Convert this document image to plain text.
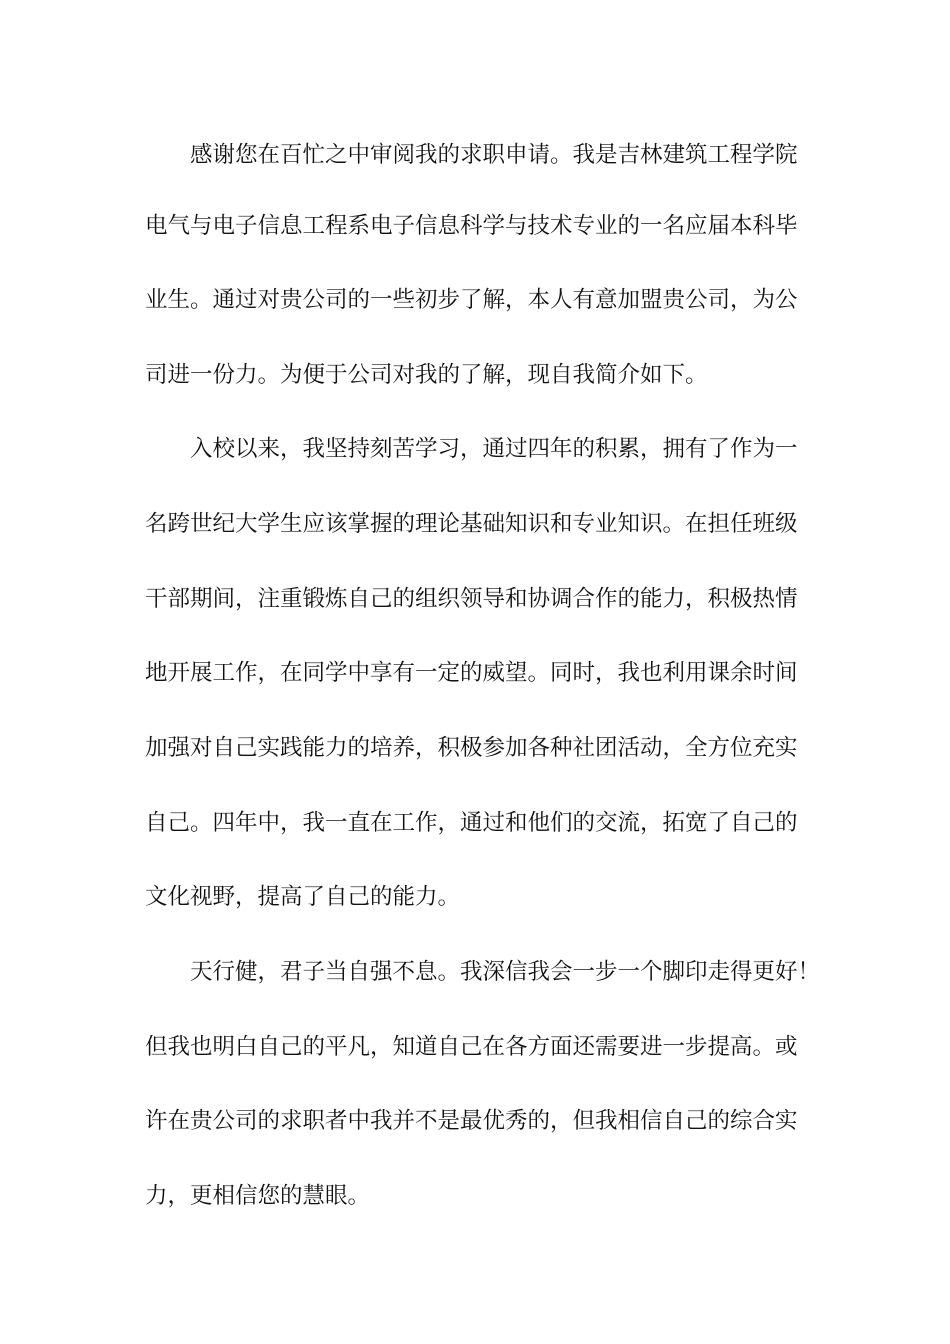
感谢您在百忙之中审阅我的求职申请。我是吉林建筑工程学院
电气与电子信息工程系电子信息科学与技术专业的一名应届本科毕
业生。通过对贵公司的一些初步了解，本人有意加盟贵公司，为公
司进一份力。为便于公司对我的了解，现自我简介如下。
入校以来，我坚持刻苦学习，通过四年的积累，拥有了作为一
名跨世纪大学生应该掌握的理论基础知识和专业知识。在担任班级
干部期间，注重锻炼自己的组织领导和协调合作的能力，积极热情
地开展工作，在同学中享有一定的威望。同时，我也利用课余时间
加强对自己实践能力的培养，积极参加各种社团活动，全方位充实
自己。四年中，我一直在工作，通过和他们的交流，拓宽了自己的
文化视野，提高了自己的能力。
天行健，君子当自强不息。我深信我会一步一个脚印走得更好！
但我也明白自己的平凡，知道自己在各方面还需要进一步提高。或
许在贵公司的求职者中我并不是最优秀的，但我相信自己的综合实
力，更相信您的慧眼。
